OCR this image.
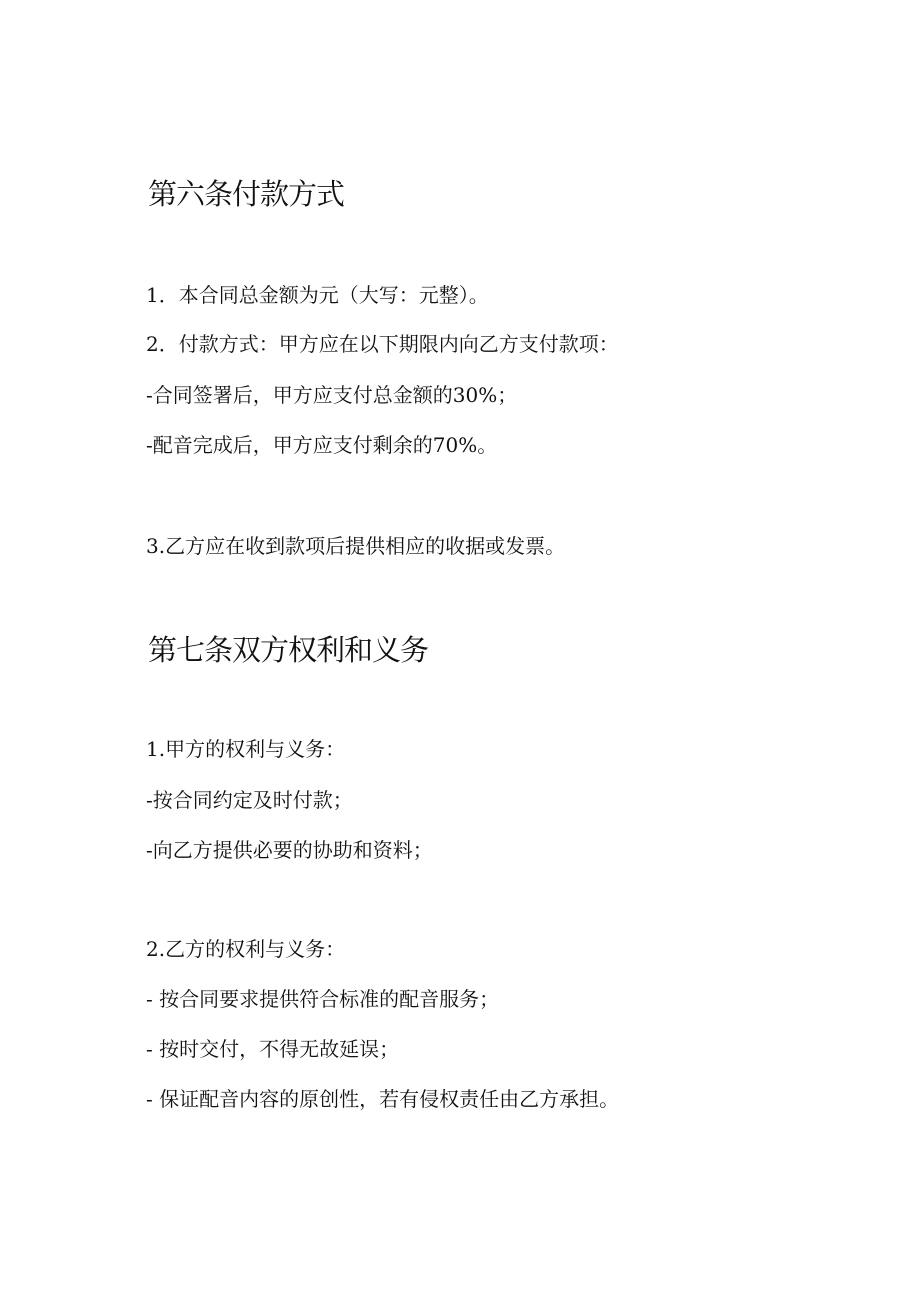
第六条付款方式

1．本合同总金额为元（大写：元整）。

2．付款方式：甲方应在以下期限内向乙方支付款项：

-合同签署后，甲方应支付总金额的30%；

-配音完成后，甲方应支付剩余的70%。

3.乙方应在收到款项后提供相应的收据或发票。

第七条双方权利和义务

1.甲方的权利与义务：

-按合同约定及时付款；

-向乙方提供必要的协助和资料；

2.乙方的权利与义务：

- 按合同要求提供符合标准的配音服务；

- 按时交付，不得无故延误；

- 保证配音内容的原创性，若有侵权责任由乙方承担。
